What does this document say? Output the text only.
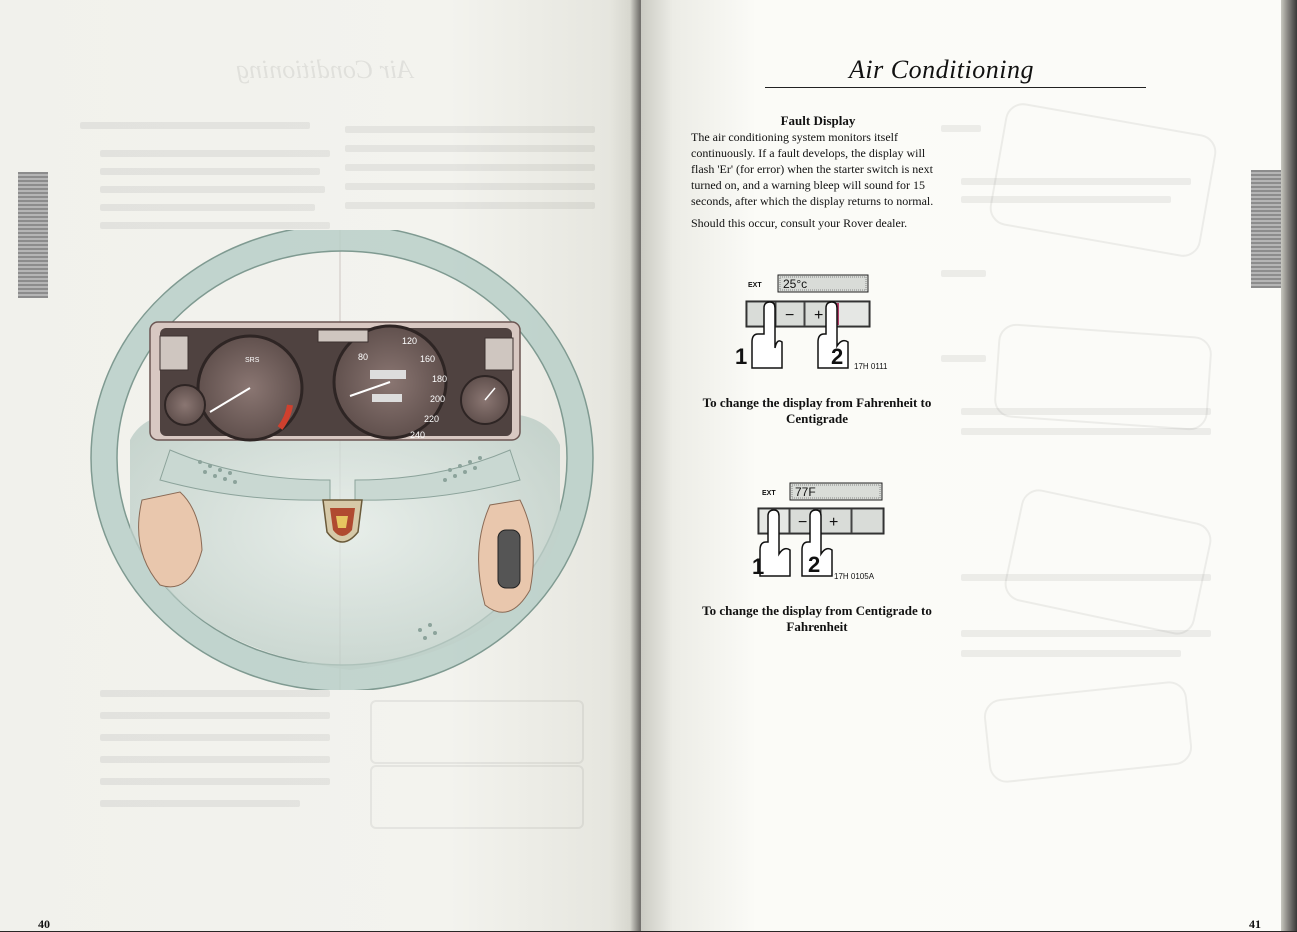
Air Conditioning
SRS	80
120
160
180
200
220
240
40
Air Conditioning
Fault Display

The air conditioning system monitors itself continuously. If a fault develops, the display will flash 'Er' (for error) when the starter switch is next turned on, and a warning bleep will sound for 15 seconds, after which the display returns to normal.

Should this occur, consult your Rover dealer.

EXT 25°c
− +
1	2 17H 0111
To change the display from Fahrenheit to Centigrade
EXT 77F
− +
1 2 17H 0105A
To change the display from Centigrade to Fahrenheit
41
